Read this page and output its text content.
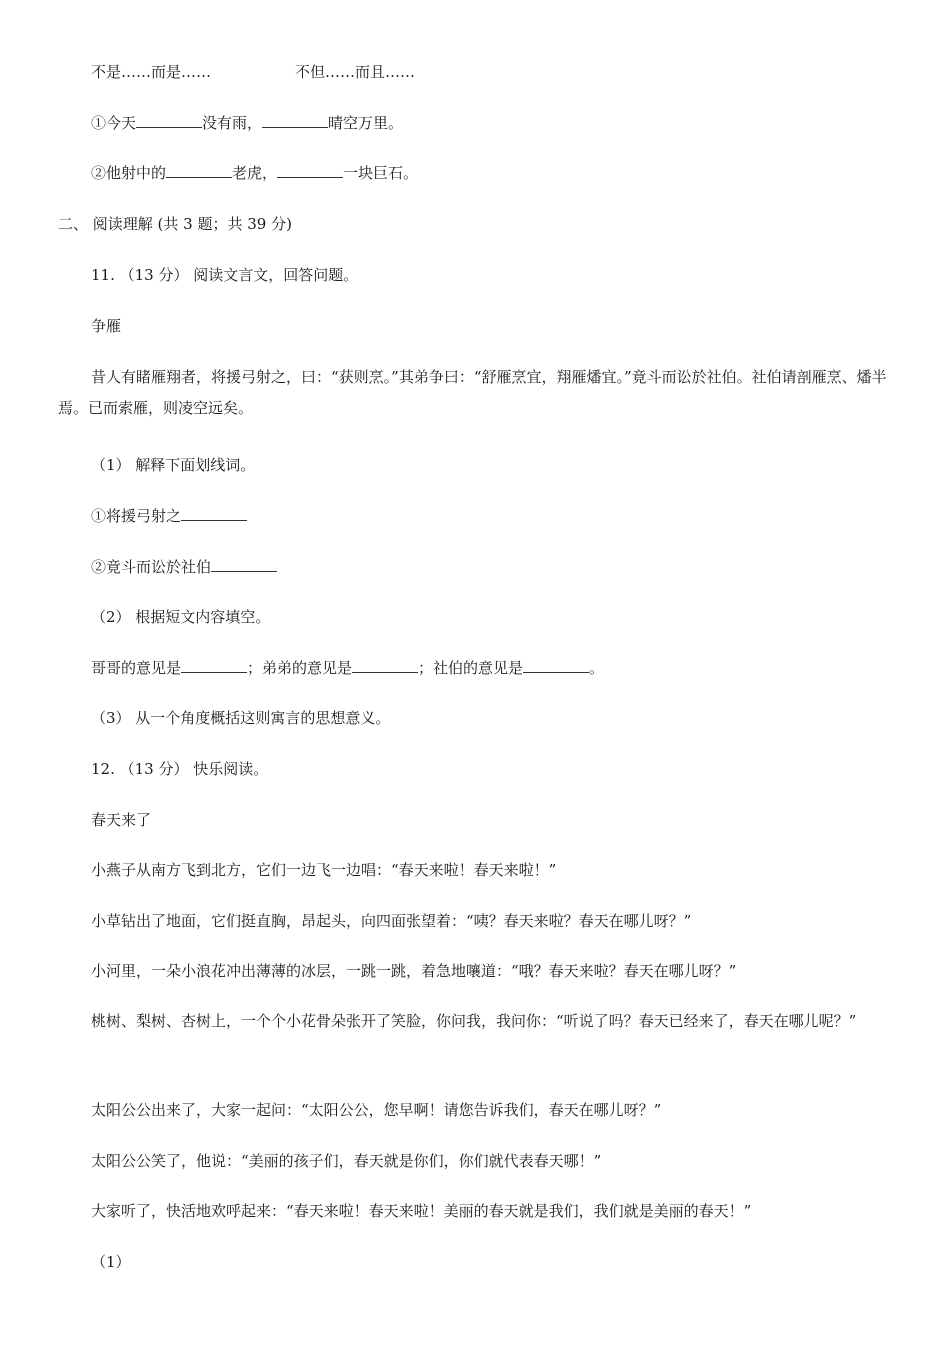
不是……而是……	不但……而且……
①今天	没有雨，	晴空万里。
②他射中的	老虎，	一块巨石。
二、 阅读理解 (共 3 题；共 39 分)
11. （13 分） 阅读文言文，回答问题。
争雁
昔人有睹雁翔者，将援弓射之，曰：“获则烹。”其弟争曰：“舒雁烹宜，翔雁燔宜。”竟斗而讼於社伯。社伯请剖雁烹、燔半焉。已而索雁，则凌空远矣。
（1） 解释下面划线词。
①将援弓射之
②竟斗而讼於社伯
（2） 根据短文内容填空。
哥哥的意见是	；弟弟的意见是	；社伯的意见是	。
（3） 从一个角度概括这则寓言的思想意义。
12. （13 分） 快乐阅读。
春天来了
小燕子从南方飞到北方，它们一边飞一边唱：“春天来啦！春天来啦！”
小草钻出了地面，它们挺直胸，昂起头，向四面张望着：“咦？春天来啦？春天在哪儿呀？”
小河里，一朵小浪花冲出薄薄的冰层，一跳一跳，着急地嚷道：“哦？春天来啦？春天在哪儿呀？”
桃树、梨树、杏树上，一个个小花骨朵张开了笑脸，你问我，我问你：“听说了吗？春天已经来了，春天在哪儿呢？”
太阳公公出来了，大家一起问：“太阳公公，您早啊！请您告诉我们，春天在哪儿呀？”
太阳公公笑了，他说：“美丽的孩子们，春天就是你们，你们就代表春天哪！”
大家听了，快活地欢呼起来：“春天来啦！春天来啦！美丽的春天就是我们，我们就是美丽的春天！”
（1）
